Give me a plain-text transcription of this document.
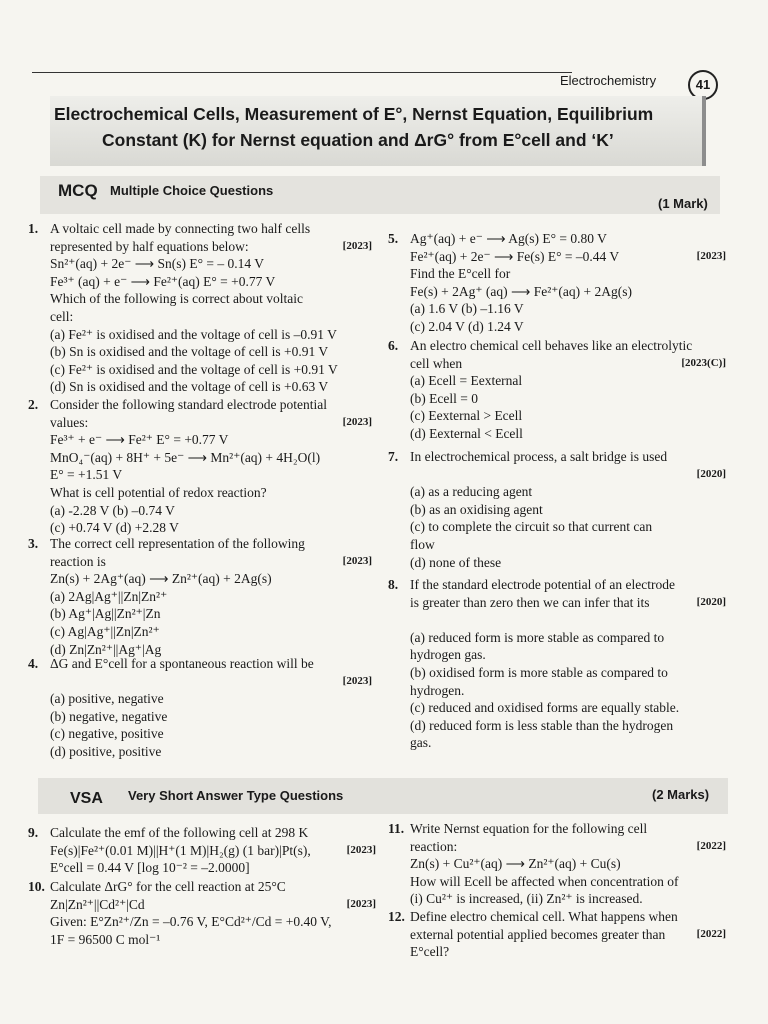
Electrochemistry	41
Electrochemical Cells, Measurement of E°, Nernst Equation, Equilibrium
Constant (K) for Nernst equation and ΔrG° from E°cell and ‘K’
MCQ Multiple Choice Questions
(1 Mark)
1.
[2023]
A voltaic cell made by connecting two half cells
represented by half equations below:
Sn²⁺(aq) + 2e⁻ ⟶ Sn(s) E° = – 0.14 V
Fe³⁺ (aq) + e⁻ ⟶ Fe²⁺(aq) E° = +0.77 V
Which of the following is correct about voltaic
cell:
(a) Fe²⁺ is oxidised and the voltage of cell is –0.91 V
(b) Sn is oxidised and the voltage of cell is +0.91 V
(c) Fe²⁺ is oxidised and the voltage of cell is +0.91 V
(d) Sn is oxidised and the voltage of cell is +0.63 V
2.
[2023]
Consider the following standard electrode potential
values:
Fe³⁺ + e⁻ ⟶ Fe²⁺ E° = +0.77 V
MnO₄⁻(aq) + 8H⁺ + 5e⁻ ⟶ Mn²⁺(aq) + 4H₂O(l)
E° = +1.51 V
What is cell potential of redox reaction?
(a) -2.28 V (b) –0.74 V
(c) +0.74 V (d) +2.28 V
3.
[2023]
The correct cell representation of the following
reaction is
Zn(s) + 2Ag⁺(aq) ⟶ Zn²⁺(aq) + 2Ag(s)
(a) 2Ag|Ag⁺||Zn|Zn²⁺
(b) Ag⁺|Ag||Zn²⁺|Zn
(c) Ag|Ag⁺||Zn|Zn²⁺
(d) Zn|Zn²⁺||Ag⁺|Ag
4.
[2023]
ΔG and E°cell for a spontaneous reaction will be

(a) positive, negative
(b) negative, negative
(c) negative, positive
(d) positive, positive
5.
[2023]
Ag⁺(aq) + e⁻ ⟶ Ag(s) E° = 0.80 V
Fe²⁺(aq) + 2e⁻ ⟶ Fe(s) E° = –0.44 V
Find the E°cell for
Fe(s) + 2Ag⁺ (aq) ⟶ Fe²⁺(aq) + 2Ag(s)
(a) 1.6 V (b) –1.16 V
(c) 2.04 V (d) 1.24 V
6.
[2023(C)]
An electro chemical cell behaves like an electrolytic
cell when
(a) Ecell = Eexternal
(b) Ecell = 0
(c) Eexternal > Ecell
(d) Eexternal < Ecell
7.
[2020]
In electrochemical process, a salt bridge is used

(a) as a reducing agent
(b) as an oxidising agent
(c) to complete the circuit so that current can
flow
(d) none of these
8.
[2020]
If the standard electrode potential of an electrode
is greater than zero then we can infer that its

(a) reduced form is more stable as compared to
hydrogen gas.
(b) oxidised form is more stable as compared to
hydrogen.
(c) reduced and oxidised forms are equally stable.
(d) reduced form is less stable than the hydrogen
gas.
VSA Very Short Answer Type Questions	(2 Marks)
9.
[2023]
Calculate the emf of the following cell at 298 K
Fe(s)|Fe²⁺(0.01 M)||H⁺(1 M)|H₂(g) (1 bar)|Pt(s),
E°cell = 0.44 V [log 10⁻² = –2.0000]
10.
[2023]
Calculate ΔrG° for the cell reaction at 25°C
Zn|Zn²⁺||Cd²⁺|Cd
Given: E°Zn²⁺/Zn = –0.76 V, E°Cd²⁺/Cd = +0.40 V,
1F = 96500 C mol⁻¹
11.
[2022]
Write Nernst equation for the following cell
reaction:
Zn(s) + Cu²⁺(aq) ⟶ Zn²⁺(aq) + Cu(s)
How will Ecell be affected when concentration of
(i) Cu²⁺ is increased, (ii) Zn²⁺ is increased.
12.
[2022]
Define electro chemical cell. What happens when
external potential applied becomes greater than
E°cell?
